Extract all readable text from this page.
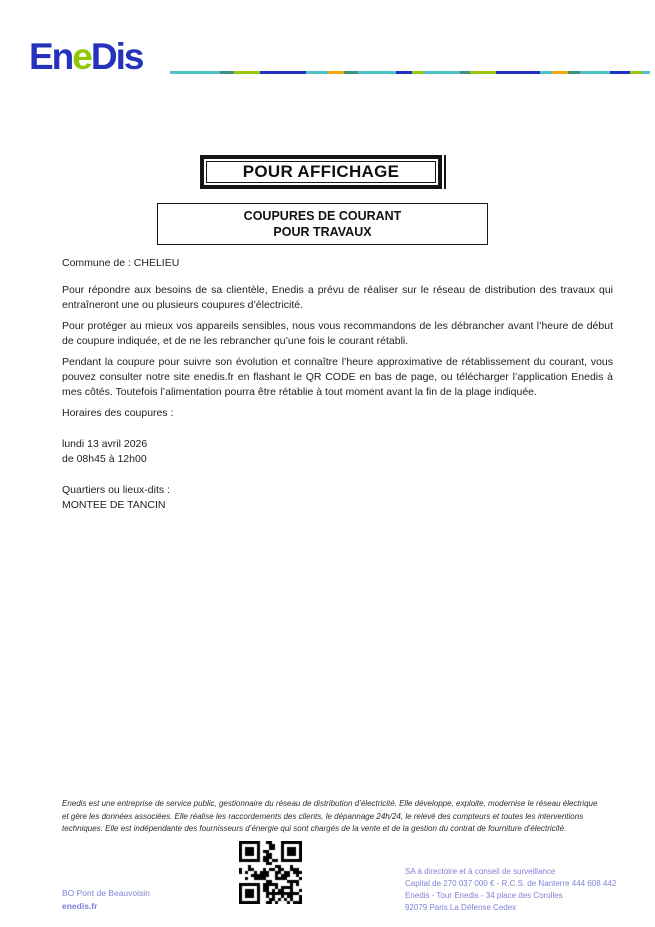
EneDis
POUR AFFICHAGE
COUPURES DE COURANT
POUR TRAVAUX

Commune de : CHELIEU

Pour répondre aux besoins de sa clientèle, Enedis a prévu de réaliser sur le réseau de distribution des travaux qui entraîneront une ou plusieurs coupures d’électricité.

Pour protéger au mieux vos appareils sensibles, nous vous recommandons de les débrancher avant l’heure de début de coupure indiquée, et de ne les rebrancher qu’une fois le courant rétabli.

Pendant la coupure pour suivre son évolution et connaître l’heure approximative de rétablissement du courant, vous pouvez consulter notre site enedis.fr en flashant le QR CODE en bas de page, ou télécharger l’application Enedis à mes côtés. Toutefois l’alimentation pourra être rétablie à tout moment avant la fin de la plage indiquée.

Horaires des coupures :

lundi 13 avril 2026
de 08h45 à 12h00
Quartiers ou lieux-dits :
MONTEE DE TANCIN
Enedis est une entreprise de service public, gestionnaire du réseau de distribution d’électricité. Elle développe, exploite, modernise le réseau électrique et gère les données associées. Elle réalise les raccordements des clients, le dépannage 24h/24, le relevé des compteurs et toutes les interventions techniques. Elle est indépendante des fournisseurs d’énergie qui sont chargés de la vente et de la gestion du contrat de fourniture d’électricité.
BO Pont de Beauvoisin
enedis.fr
SA à directoire et à conseil de surveillance
Capital de 270 037 000 € - R.C.S. de Nanterre 444 608 442
Enedis - Tour Enedis - 34 place des Corolles
92079 Paris La Défense Cedex
